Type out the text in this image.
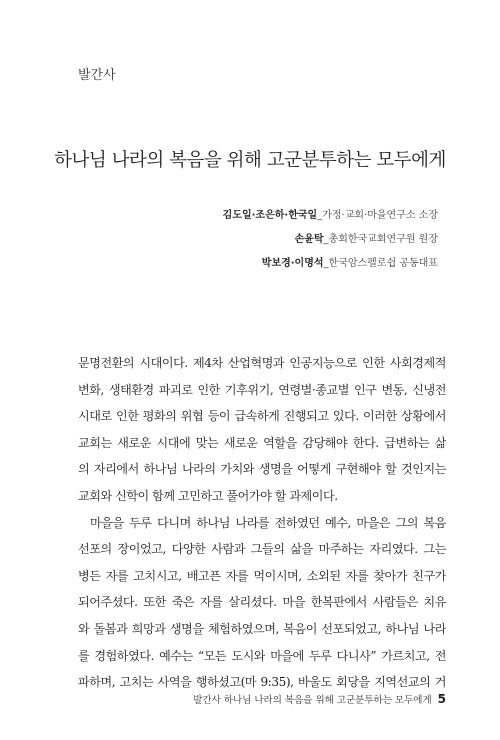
발간사
하나님 나라의 복음을 위해 고군분투하는 모두에게
김도일·조은하·한국일_가정·교회·마을연구소 소장
손윤탁_총회한국교회연구원 원장
박보경·이명석_한국암스펠로쉽 공동대표
문명전환의 시대이다. 제4차 산업혁명과 인공지능으로 인한 사회경제적
변화, 생태환경 파괴로 인한 기후위기, 연령별·종교별 인구 변동, 신냉전
시대로 인한 평화의 위협 등이 급속하게 진행되고 있다. 이러한 상황에서
교회는 새로운 시대에 맞는 새로운 역할을 감당해야 한다. 급변하는 삶
의 자리에서 하나님 나라의 가치와 생명을 어떻게 구현해야 할 것인지는
교회와 신학이 함께 고민하고 풀어가야 할 과제이다.
마을을 두루 다니며 하나님 나라를 전하였던 예수, 마을은 그의 복음
선포의 장이었고, 다양한 사람과 그들의 삶을 마주하는 자리였다. 그는
병든 자를 고치시고, 배고픈 자를 먹이시며, 소외된 자를 찾아가 친구가
되어주셨다. 또한 죽은 자를 살리셨다. 마을 한복판에서 사람들은 치유
와 돌봄과 희망과 생명을 체험하였으며, 복음이 선포되었고, 하나님 나라
를 경험하였다. 예수는 “모든 도시와 마을에 두루 다니사” 가르치고, 전
파하며, 고치는 사역을 행하셨고(마 9:35), 바울도 회당을 지역선교의 거
발간사 하나님 나라의 복음을 위해 고군분투하는 모두에게 5
